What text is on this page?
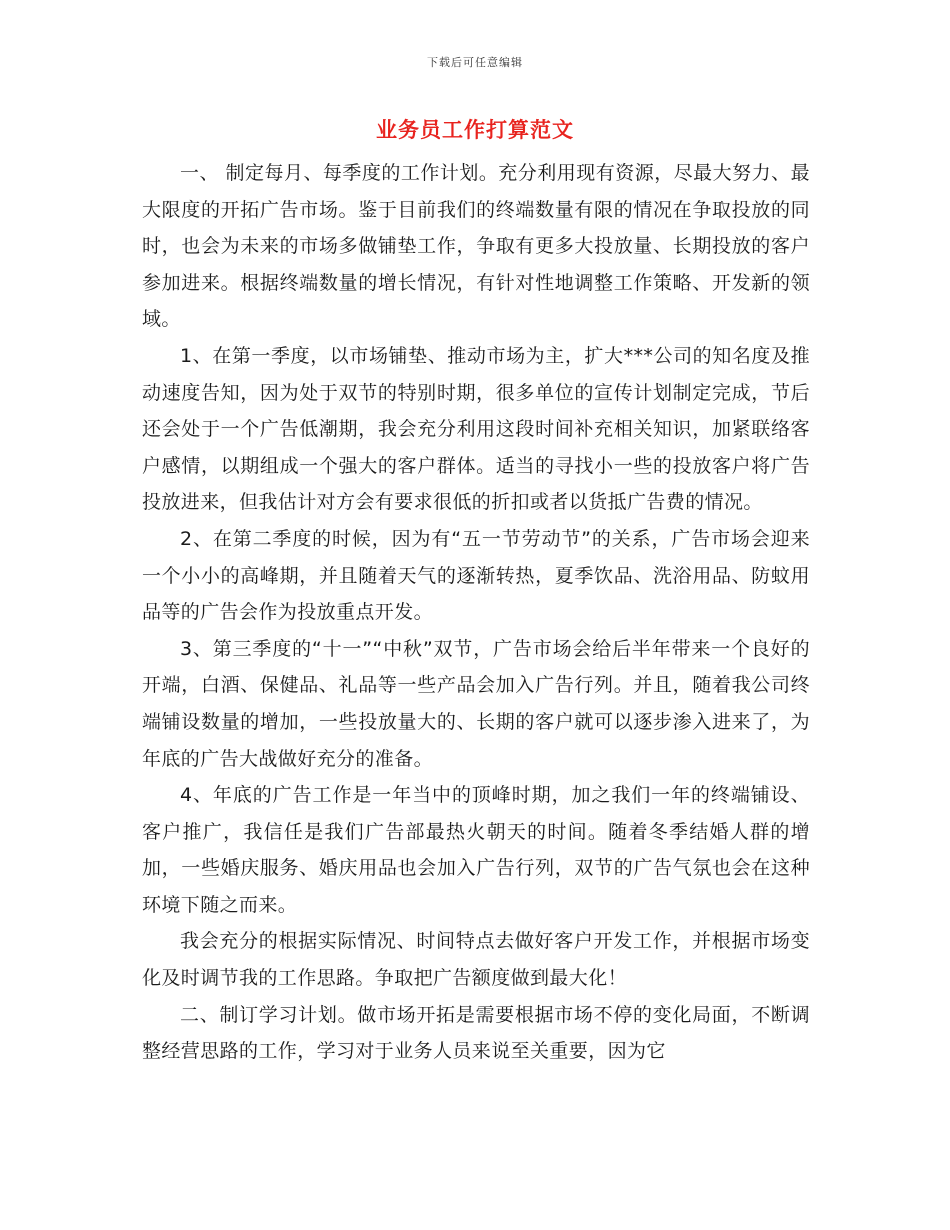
下载后可任意编辑
业务员工作打算范文

一、 制定每月、每季度的工作计划。充分利用现有资源，尽最大努力、最大限度的开拓广告市场。鉴于目前我们的终端数量有限的情况在争取投放的同时，也会为未来的市场多做铺垫工作，争取有更多大投放量、长期投放的客户参加进来。根据终端数量的增长情况，有针对性地调整工作策略、开发新的领域。

1、在第一季度，以市场铺垫、推动市场为主，扩大***公司的知名度及推动速度告知，因为处于双节的特别时期，很多单位的宣传计划制定完成，节后还会处于一个广告低潮期，我会充分利用这段时间补充相关知识，加紧联络客户感情，以期组成一个强大的客户群体。适当的寻找小一些的投放客户将广告投放进来，但我估计对方会有要求很低的折扣或者以货抵广告费的情况。

2、在第二季度的时候，因为有“五一节劳动节”的关系，广告市场会迎来一个小小的高峰期，并且随着天气的逐渐转热，夏季饮品、洗浴用品、防蚊用品等的广告会作为投放重点开发。

3、第三季度的“十一”“中秋”双节，广告市场会给后半年带来一个良好的开端，白酒、保健品、礼品等一些产品会加入广告行列。并且，随着我公司终端铺设数量的增加，一些投放量大的、长期的客户就可以逐步渗入进来了，为年底的广告大战做好充分的准备。

4、年底的广告工作是一年当中的顶峰时期，加之我们一年的终端铺设、客户推广，我信任是我们广告部最热火朝天的时间。随着冬季结婚人群的增加，一些婚庆服务、婚庆用品也会加入广告行列，双节的广告气氛也会在这种环境下随之而来。

我会充分的根据实际情况、时间特点去做好客户开发工作，并根据市场变化及时调节我的工作思路。争取把广告额度做到最大化！

二、制订学习计划。做市场开拓是需要根据市场不停的变化局面，不断调整经营思路的工作，学习对于业务人员来说至关重要，因为它
